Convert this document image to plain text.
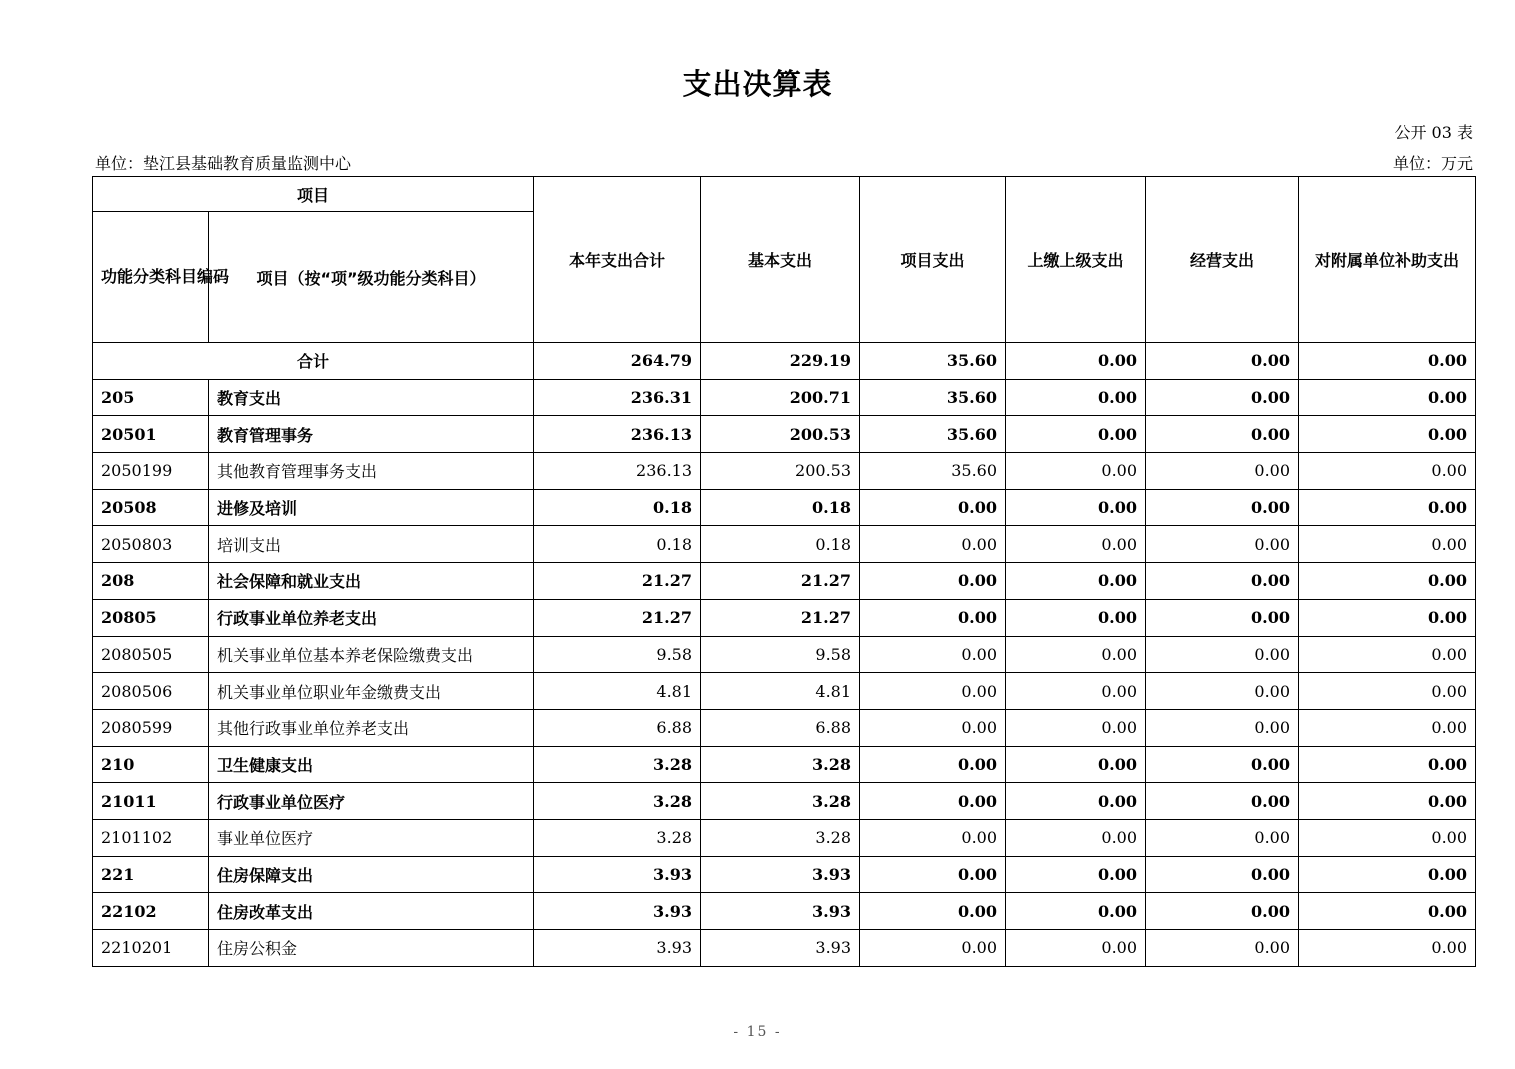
支出决算表
公开 03 表
单位：垫江县基础教育质量监测中心	单位：万元
项目		本年支出合计	基本支出	项目支出	上缴上级支出	经营支出	对附属单位补助支出
功能分类科目编码	项目（按“项”级功能分类科目）						
合计		264.79	229.19	35.60	0.00	0.00	0.00
205	教育支出	236.31	200.71	35.60	0.00	0.00	0.00
20501	教育管理事务	236.13	200.53	35.60	0.00	0.00	0.00
2050199	其他教育管理事务支出	236.13	200.53	35.60	0.00	0.00	0.00
20508	进修及培训	0.18	0.18	0.00	0.00	0.00	0.00
2050803	培训支出	0.18	0.18	0.00	0.00	0.00	0.00
208	社会保障和就业支出	21.27	21.27	0.00	0.00	0.00	0.00
20805	行政事业单位养老支出	21.27	21.27	0.00	0.00	0.00	0.00
2080505	机关事业单位基本养老保险缴费支出	9.58	9.58	0.00	0.00	0.00	0.00
2080506	机关事业单位职业年金缴费支出	4.81	4.81	0.00	0.00	0.00	0.00
2080599	其他行政事业单位养老支出	6.88	6.88	0.00	0.00	0.00	0.00
210	卫生健康支出	3.28	3.28	0.00	0.00	0.00	0.00
21011	行政事业单位医疗	3.28	3.28	0.00	0.00	0.00	0.00
2101102	事业单位医疗	3.28	3.28	0.00	0.00	0.00	0.00
221	住房保障支出	3.93	3.93	0.00	0.00	0.00	0.00
22102	住房改革支出	3.93	3.93	0.00	0.00	0.00	0.00
2210201	住房公积金	3.93	3.93	0.00	0.00	0.00	0.00
- 15 -
